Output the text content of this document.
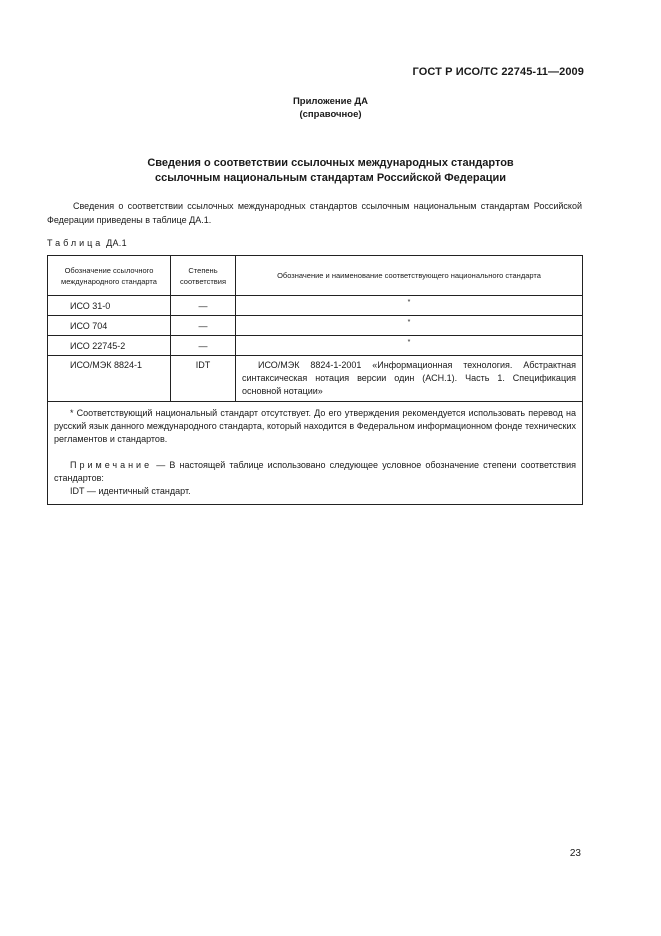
ГОСТ Р ИСО/ТС 22745-11—2009
Приложение ДА
(справочное)
Сведения о соответствии ссылочных международных стандартов
ссылочным национальным стандартам Российской Федерации
Сведения о соответствии ссылочных международных стандартов ссылочным национальным стандартам Российской Федерации приведены в таблице ДА.1.
Таблица ДА.1
Обозначение ссылочного международного стандарта	Степень соответствия	Обозначение и наименование соответствующего национального стандарта
ИСО 31-0	—	*
ИСО 704	—	*
ИСО 22745-2	—	*
ИСО/МЭК 8824-1	IDT	ИСО/МЭК 8824-1-2001 «Информационная технология. Абстрактная синтаксическая нотация версии один (АСН.1). Часть 1. Спецификация основной нотации»

* Соответствующий национальный стандарт отсутствует. До его утверждения рекомендуется использовать перевод на русский язык данного международного стандарта, который находится в Федеральном информационном фонде технических регламентов и стандартов.

Примечание — В настоящей таблице использовано следующее условное обозначение степени соответствия стандартов:

IDT — идентичный стандарт.		

23
